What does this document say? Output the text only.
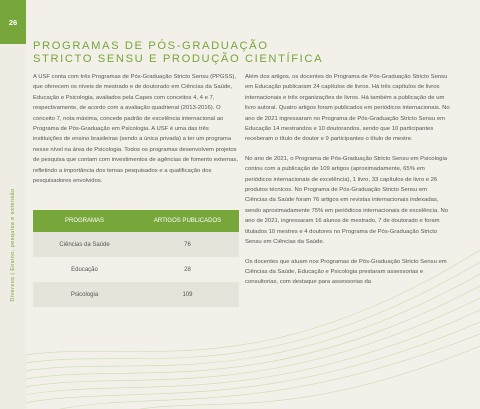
26
Diversus | Ensino, pesquisa e extensão
PROGRAMAS DE PÓS-GRADUAÇÃO
STRICTO SENSU E PRODUÇÃO CIENTÍFICA

A USF conta com três Programas de Pós-Graduação Stricto Sensu (PPGSS), que oferecem os níveis de mestrado e de doutorado em Ciências da Saúde, Educação e Psicologia, avaliados pela Capes com conceitos 4, 4 e 7, respectivamente, de acordo com a avaliação quadrienal (2013-2016). O conceito 7, nota máxima, concede padrão de excelência internacional ao Programa de Pós-Graduação em Psicologia. A USF é uma das três instituições de ensino brasileiras (sendo a única privada) a ter um programa nesse nível na área de Psicologia. Todos os programas desenvolvem projetos de pesquisa que contam com investimentos de agências de fomento externas, refletindo a importância dos temas pesquisados e a qualificação dos pesquisadores envolvidos.

PROGRAMAS	ARTIGOS PUBLICADOS
Ciências da Saúde	76
Educação	28
Psicologia	109

Além dos artigos, os docentes do Programa de Pós-Graduação Stricto Sensu em Educação publicaram 24 capítulos de livros. Há três capítulos de livros internacionais e três organizações de livros. Há também a publicação de um livro autoral. Quatro artigos foram publicados em periódicos internacionais. No ano de 2021 ingressaram no Programa de Pós-Graduação Stricto Sensu em Educação 14 mestrandos e 10 doutorandos, sendo que 10 participantes receberam o título de doutor e 9 participantes o título de mestre.

No ano de 2021, o Programa de Pós-Graduação Stricto Sensu em Psicologia contou com a publicação de 109 artigos (aproximadamente, 65% em periódicos internacionais de excelência), 1 livro, 33 capítulos de livro e 26 produtos técnicos. No Programa de Pós-Graduação Stricto Sensu em Ciências da Saúde foram 76 artigos em revistas internacionais indexadas, sendo aproximadamente 75% em periódicos internacionais de excelência. No ano de 2021, ingressaram 16 alunos de mestrado, 7 de doutorado e foram titulados 10 mestres e 4 doutores no Programa de Pós-Graduação Stricto Sensu em Ciências da Saúde.

Os docentes que atuam nos Programas de Pós-Graduação Stricto Sensu em Ciências da Saúde, Educação e Psicologia prestaram assessorias e consultorias, com destaque para assessorias da
